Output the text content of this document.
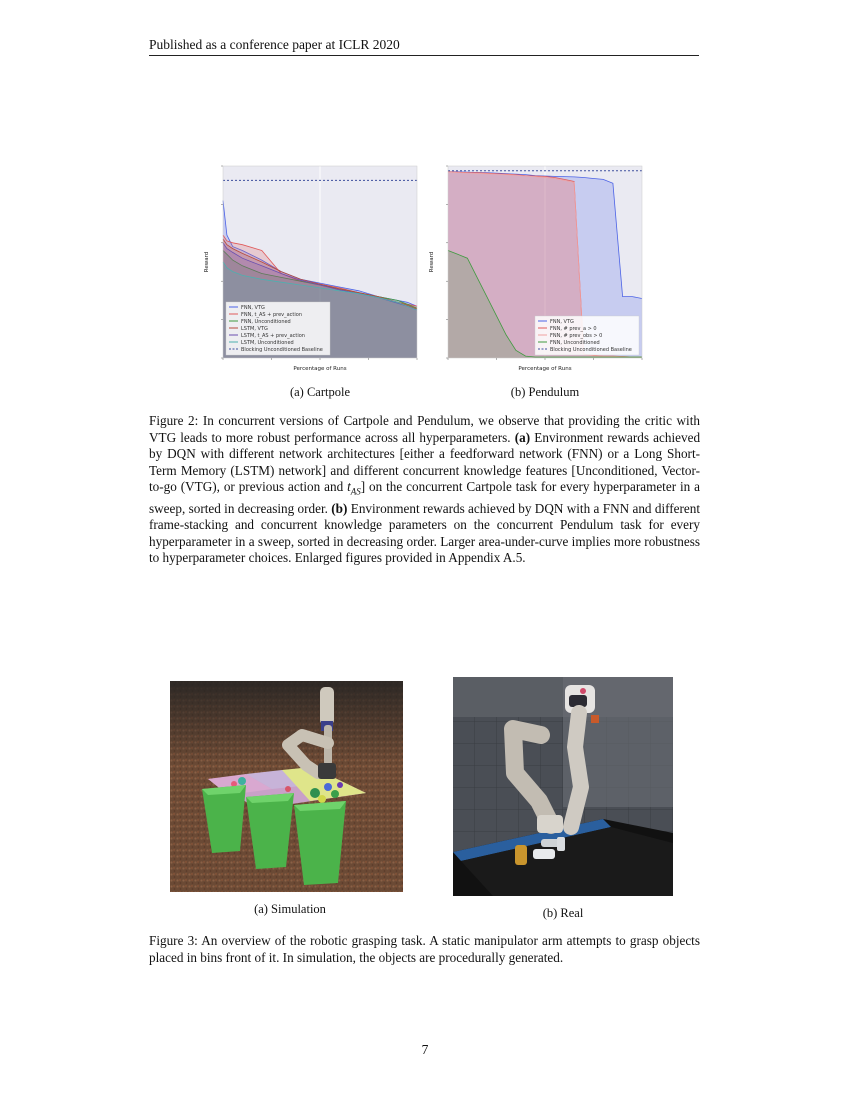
Published as a conference paper at ICLR 2020
Percentage of Runs
Reward
FNN, VTG
FNN, t_AS + prev_action
FNN, Unconditioned
LSTM, VTG
LSTM, t_AS + prev_action
LSTM, Unconditioned
Blocking Unconditioned Baseline
Percentage of Runs
Reward
FNN, VTG
FNN, # prev_a > 0
FNN, # prev_obs > 0
FNN, Unconditioned
Blocking Unconditioned Baseline
(a) Cartpole	(b) Pendulum

Figure 2: In concurrent versions of Cartpole and Pendulum, we observe that providing the critic with VTG leads to more robust performance across all hyperparameters. (a) Environment rewards achieved by DQN with different network architectures [either a feedforward network (FNN) or a Long Short-Term Memory (LSTM) network] and different concurrent knowledge features [Unconditioned, Vector-to-go (VTG), or previous action and $t_{AS}$] on the concurrent Cartpole task for every hyperparameter in a sweep, sorted in decreasing order. (b) Environment rewards achieved by DQN with a FNN and different frame-stacking and concurrent knowledge parameters on the concurrent Pendulum task for every hyperparameter in a sweep, sorted in decreasing order. Larger area-under-curve implies more robustness to hyperparameter choices. Enlarged figures provided in Appendix A.5.

(a) Simulation	(b) Real

Figure 3: An overview of the robotic grasping task. A static manipulator arm attempts to grasp objects placed in bins front of it. In simulation, the objects are procedurally generated.

7
